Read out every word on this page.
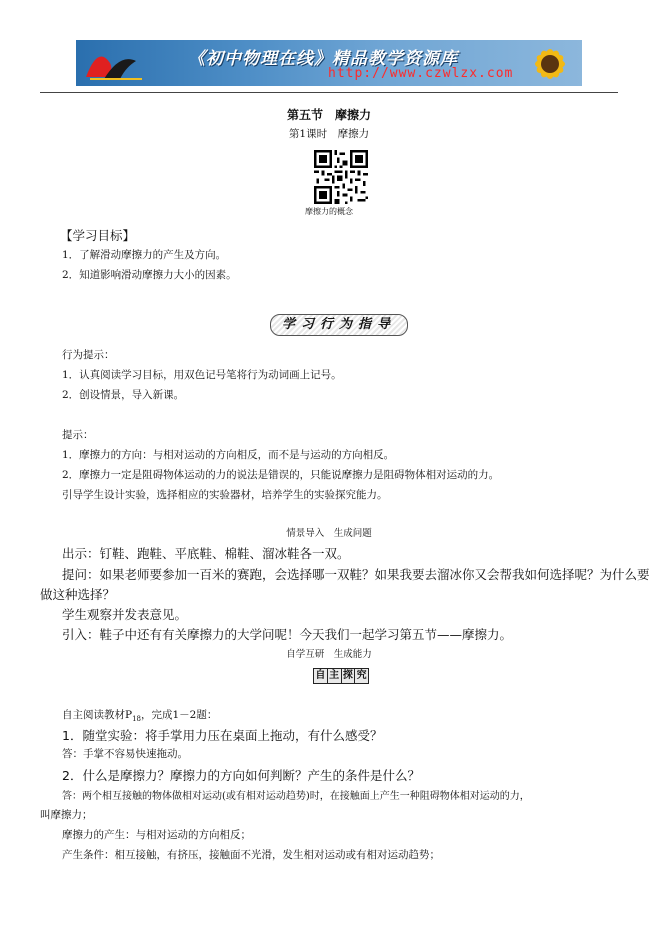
《初中物理在线》精品教学资源库
http://www.czwlzx.com
第五节　摩擦力
第1课时　摩擦力
摩擦力的概念
【学习目标】
1．了解滑动摩擦力的产生及方向。
2．知道影响滑动摩擦力大小的因素。
学习行为指导
行为提示：
1．认真阅读学习目标，用双色记号笔将行为动词画上记号。
2．创设情景，导入新课。
提示：
1．摩擦力的方向：与相对运动的方向相反，而不是与运动的方向相反。
2．摩擦力一定是阻碍物体运动的力的说法是错误的，只能说摩擦力是阻碍物体相对运动的力。
引导学生设计实验，选择相应的实验器材，培养学生的实验探究能力。
情景导入　生成问题
出示：钉鞋、跑鞋、平底鞋、棉鞋、溜冰鞋各一双。
提问：如果老师要参加一百米的赛跑，会选择哪一双鞋？如果我要去溜冰你又会帮我如何选择呢？为什么要
做这种选择？
学生观察并发表意见。
引入：鞋子中还有有关摩擦力的大学问呢！今天我们一起学习第五节——摩擦力。
自学互研　生成能力
自 主 探 究
自主阅读教材$P_{18}$，完成1－2题：
1．随堂实验：将手掌用力压在桌面上拖动，有什么感受？
答：手掌不容易快速拖动。
2．什么是摩擦力？摩擦力的方向如何判断？产生的条件是什么？
答：两个相互接触的物体做相对运动(或有相对运动趋势)时，在接触面上产生一种阻碍物体相对运动的力，
叫摩擦力；
摩擦力的产生：与相对运动的方向相反；
产生条件：相互接触，有挤压，接触面不光滑，发生相对运动或有相对运动趋势；
